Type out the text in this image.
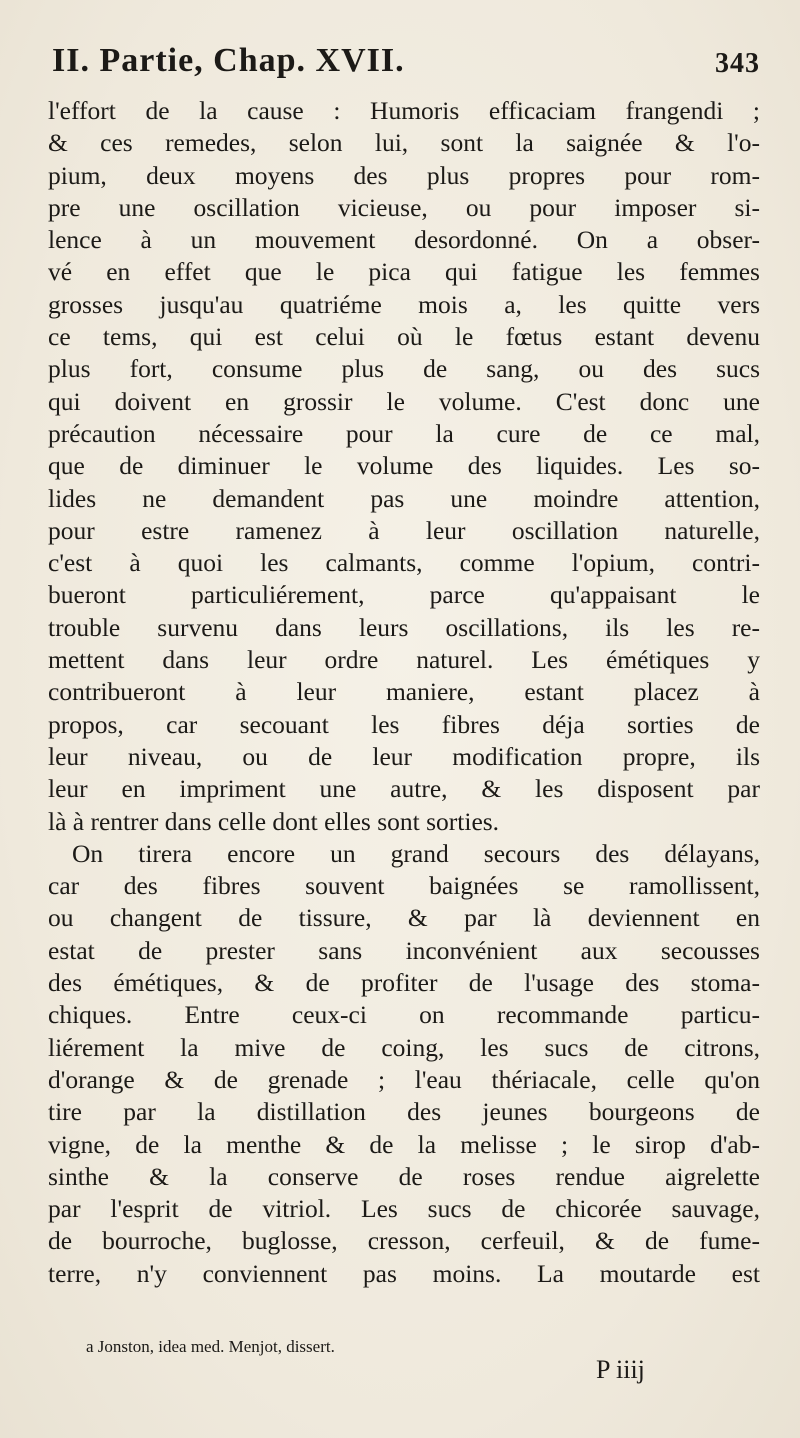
II. Partie, Chap. XVII.	343
l'effort de la cause : Humoris efficaciam frangendi ;
& ces remedes, selon lui, sont la saignée & l'o-
pium, deux moyens des plus propres pour rom-
pre une oscillation vicieuse, ou pour imposer si-
lence à un mouvement desordonné. On a obser-
vé en effet que le pica qui fatigue les femmes
grosses jusqu'au quatriéme mois a, les quitte vers
ce tems, qui est celui où le fœtus estant devenu
plus fort, consume plus de sang, ou des sucs
qui doivent en grossir le volume. C'est donc une
précaution nécessaire pour la cure de ce mal,
que de diminuer le volume des liquides. Les so-
lides ne demandent pas une moindre attention,
pour estre ramenez à leur oscillation naturelle,
c'est à quoi les calmants, comme l'opium, contri-
bueront particuliérement, parce qu'appaisant le
trouble survenu dans leurs oscillations, ils les re-
mettent dans leur ordre naturel. Les émétiques y
contribueront à leur maniere, estant placez à
propos, car secouant les fibres déja sorties de
leur niveau, ou de leur modification propre, ils
leur en impriment une autre, & les disposent par
là à rentrer dans celle dont elles sont sorties.
On tirera encore un grand secours des délayans,
car des fibres souvent baignées se ramollissent,
ou changent de tissure, & par là deviennent en
estat de prester sans inconvénient aux secousses
des émétiques, & de profiter de l'usage des stoma-
chiques. Entre ceux-ci on recommande particu-
liérement la mive de coing, les sucs de citrons,
d'orange & de grenade ; l'eau thériacale, celle qu'on
tire par la distillation des jeunes bourgeons de
vigne, de la menthe & de la melisse ; le sirop d'ab-
sinthe & la conserve de roses rendue aigrelette
par l'esprit de vitriol. Les sucs de chicorée sauvage,
de bourroche, buglosse, cresson, cerfeuil, & de fume-
terre, n'y conviennent pas moins. La moutarde est
a Jonston, idea med. Menjot, dissert.
P iiij
